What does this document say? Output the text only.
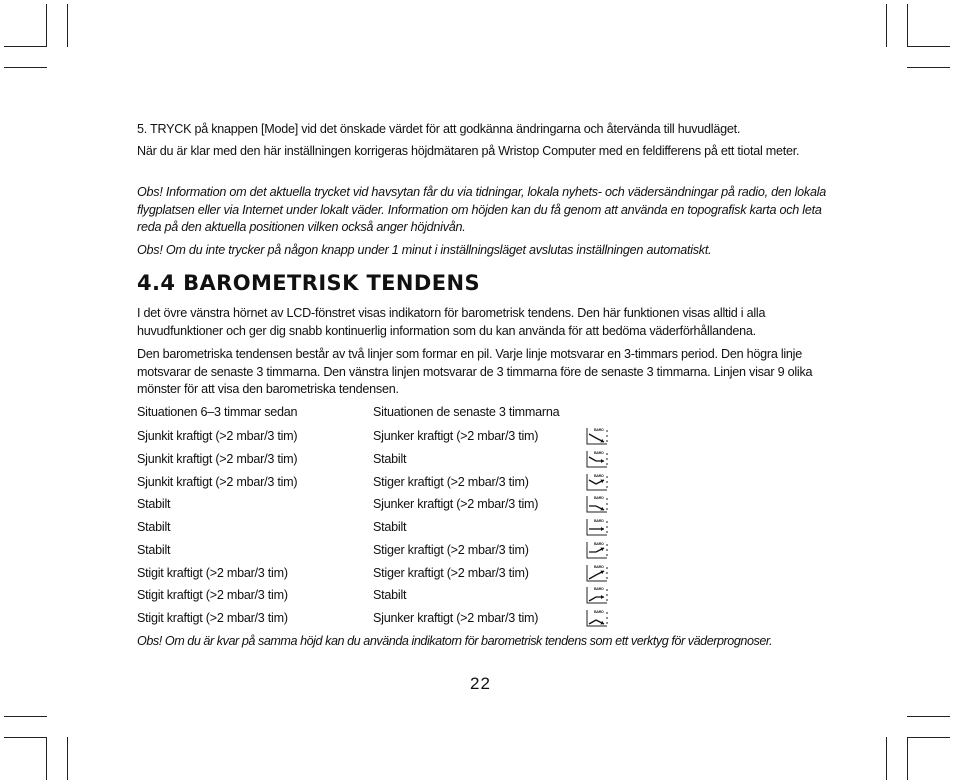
5. TRYCK på knappen [Mode] vid det önskade värdet för att godkänna ändringarna och återvända till huvudläget.

När du är klar med den här inställningen korrigeras höjdmätaren på Wristop Computer med en feldifferens på ett tiotal meter.

Obs! Information om det aktuella trycket vid havsytan får du via tidningar, lokala nyhets- och vädersändningar på radio, den lokala flygplatsen eller via Internet under lokalt väder. Information om höjden kan du få genom att använda en topografisk karta och leta reda på den aktuella positionen vilken också anger höjdnivån.

Obs! Om du inte trycker på någon knapp under 1 minut i inställningsläget avslutas inställningen automatiskt.

4.4 BAROMETRISK TENDENS

I det övre vänstra hörnet av LCD-fönstret visas indikatorn för barometrisk tendens. Den här funktionen visas alltid i alla huvudfunktioner och ger dig snabb kontinuerlig information som du kan använda för att bedöma väderförhållandena.

Den barometriska tendensen består av två linjer som formar en pil. Varje linje motsvarar en 3-timmars period. Den högra linje motsvarar de senaste 3 timmarna. Den vänstra linjen motsvarar de 3 timmarna före de senaste 3 timmarna. Linjen visar 9 olika mönster för att visa den barometriska tendensen.

Situationen 6–3 timmar sedan	Situationen de senaste 3 timmarna
Sjunkit kraftigt (>2 mbar/3 tim)	Sjunker kraftigt (>2 mbar/3 tim)	BARO
Sjunkit kraftigt (>2 mbar/3 tim)	Stabilt	BARO
Sjunkit kraftigt (>2 mbar/3 tim)	Stiger kraftigt (>2 mbar/3 tim)	BARO
Stabilt	Sjunker kraftigt (>2 mbar/3 tim)	BARO
Stabilt	Stabilt	BARO
Stabilt	Stiger kraftigt (>2 mbar/3 tim)	BARO
Stigit kraftigt (>2 mbar/3 tim)	Stiger kraftigt (>2 mbar/3 tim)	BARO
Stigit kraftigt (>2 mbar/3 tim)	Stabilt	BARO
Stigit kraftigt (>2 mbar/3 tim)	Sjunker kraftigt (>2 mbar/3 tim)	BARO

Obs! Om du är kvar på samma höjd kan du använda indikatorn för barometrisk tendens som ett verktyg för väderprognoser.

22
